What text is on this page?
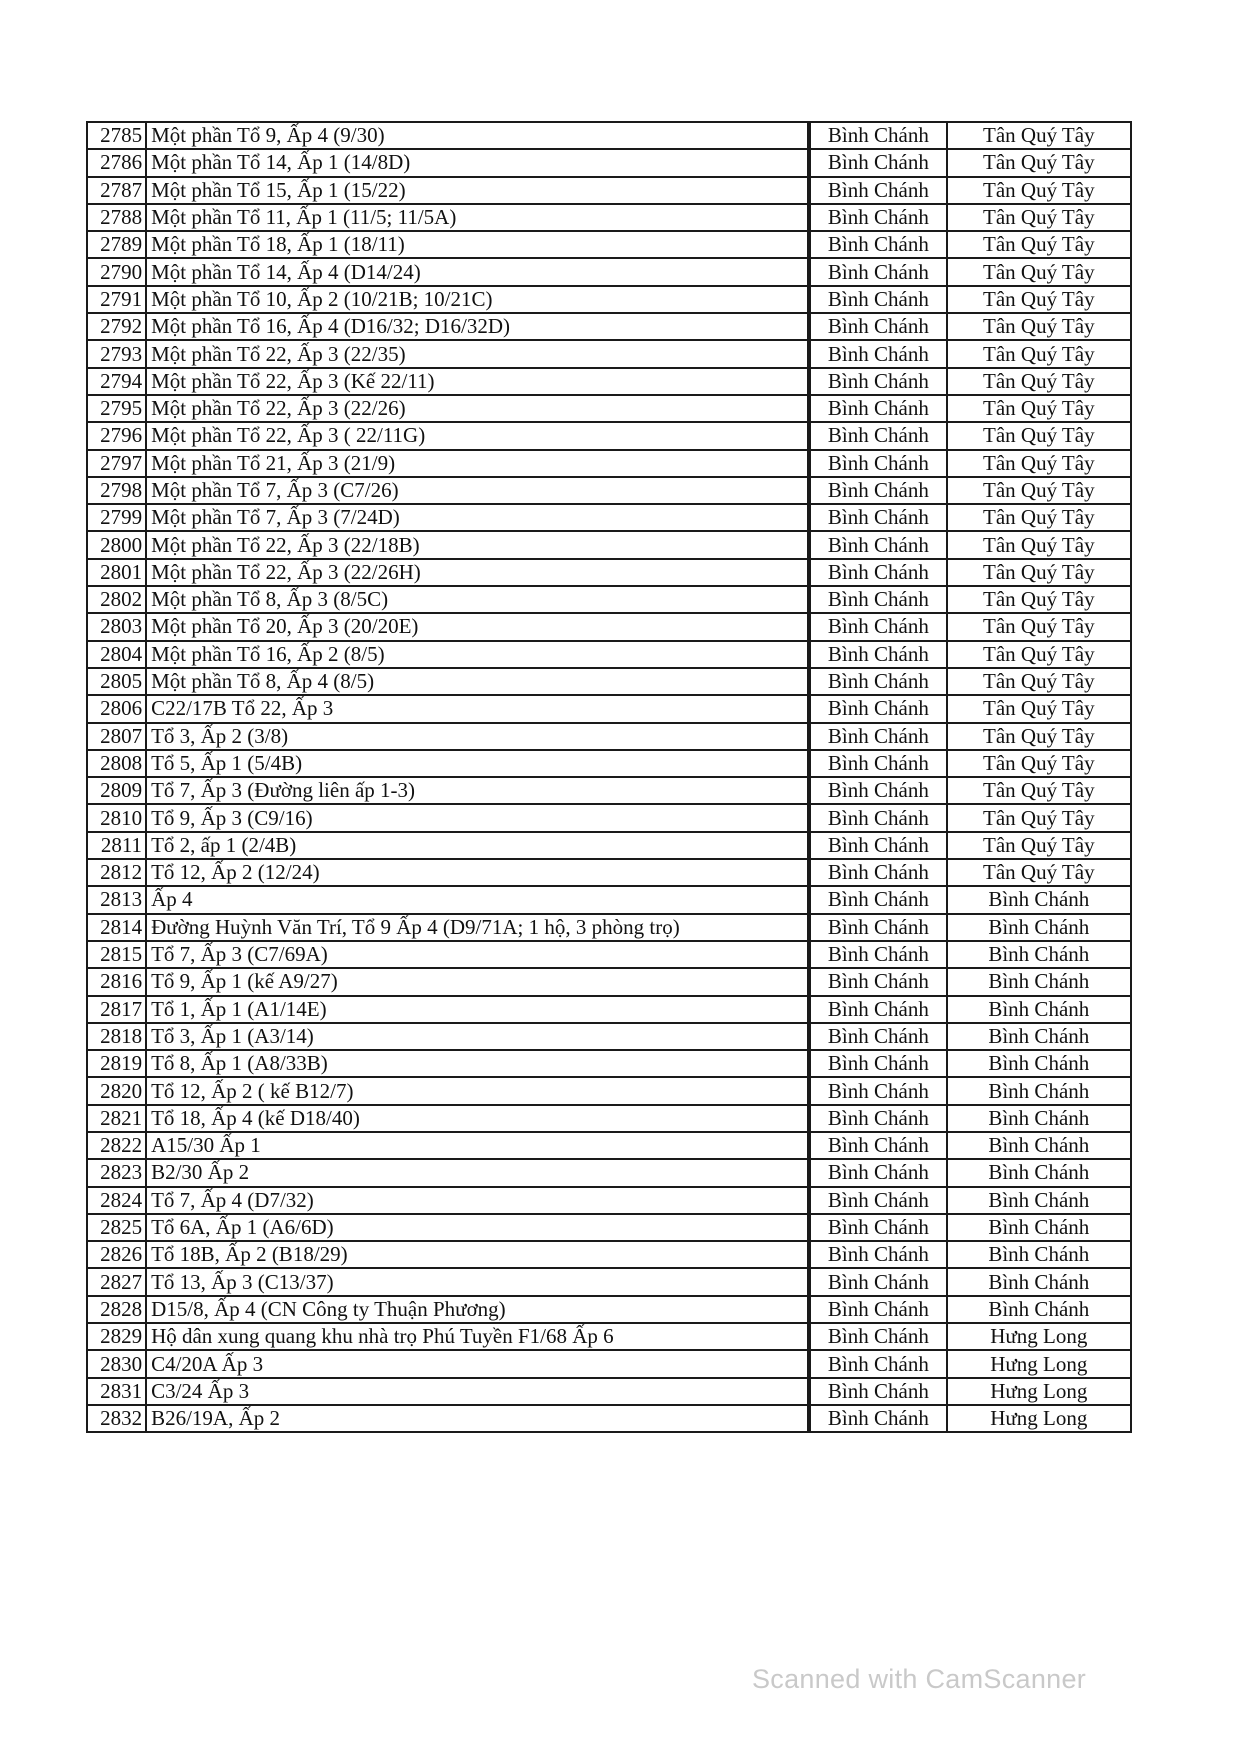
2785	Một phần Tổ 9, Ấp 4 (9/30)		Bình Chánh	Tân Quý Tây
2786	Một phần Tổ 14, Ấp 1 (14/8D)		Bình Chánh	Tân Quý Tây
2787	Một phần Tổ 15, Ấp 1 (15/22)		Bình Chánh	Tân Quý Tây
2788	Một phần Tổ 11, Ấp 1 (11/5; 11/5A)		Bình Chánh	Tân Quý Tây
2789	Một phần Tổ 18, Ấp 1 (18/11)		Bình Chánh	Tân Quý Tây
2790	Một phần Tổ 14, Ấp 4 (D14/24)		Bình Chánh	Tân Quý Tây
2791	Một phần Tổ 10, Ấp 2 (10/21B; 10/21C)		Bình Chánh	Tân Quý Tây
2792	Một phần Tổ 16, Ấp 4 (D16/32; D16/32D)		Bình Chánh	Tân Quý Tây
2793	Một phần Tổ 22, Ấp 3 (22/35)		Bình Chánh	Tân Quý Tây
2794	Một phần Tổ 22, Ấp 3 (Kế 22/11)		Bình Chánh	Tân Quý Tây
2795	Một phần Tổ 22, Ấp 3 (22/26)		Bình Chánh	Tân Quý Tây
2796	Một phần Tổ 22, Ấp 3 ( 22/11G)		Bình Chánh	Tân Quý Tây
2797	Một phần Tổ 21, Ấp 3 (21/9)		Bình Chánh	Tân Quý Tây
2798	Một phần Tổ 7, Ấp 3 (C7/26)		Bình Chánh	Tân Quý Tây
2799	Một phần Tổ 7, Ấp 3 (7/24D)		Bình Chánh	Tân Quý Tây
2800	Một phần Tổ 22, Ấp 3 (22/18B)		Bình Chánh	Tân Quý Tây
2801	Một phần Tổ 22, Ấp 3 (22/26H)		Bình Chánh	Tân Quý Tây
2802	Một phần Tổ 8, Ấp 3 (8/5C)		Bình Chánh	Tân Quý Tây
2803	Một phần Tổ 20, Ấp 3 (20/20E)		Bình Chánh	Tân Quý Tây
2804	Một phần Tổ 16, Ấp 2 (8/5)		Bình Chánh	Tân Quý Tây
2805	Một phần Tổ 8, Ấp 4 (8/5)		Bình Chánh	Tân Quý Tây
2806	C22/17B Tổ 22, Ấp 3		Bình Chánh	Tân Quý Tây
2807	Tổ 3, Ấp 2 (3/8)		Bình Chánh	Tân Quý Tây
2808	Tổ 5, Ấp 1 (5/4B)		Bình Chánh	Tân Quý Tây
2809	Tổ 7, Ấp 3 (Đường liên ấp 1-3)		Bình Chánh	Tân Quý Tây
2810	Tổ 9, Ấp 3 (C9/16)		Bình Chánh	Tân Quý Tây
2811	Tổ 2, ấp 1 (2/4B)		Bình Chánh	Tân Quý Tây
2812	Tổ 12, Ấp 2 (12/24)		Bình Chánh	Tân Quý Tây
2813	Ấp 4		Bình Chánh	Bình Chánh
2814	Đường Huỳnh Văn Trí, Tổ 9 Ấp 4 (D9/71A; 1 hộ, 3 phòng trọ)		Bình Chánh	Bình Chánh
2815	Tổ 7, Ấp 3 (C7/69A)		Bình Chánh	Bình Chánh
2816	Tổ 9, Ấp 1 (kế A9/27)		Bình Chánh	Bình Chánh
2817	Tổ 1, Ấp 1 (A1/14E)		Bình Chánh	Bình Chánh
2818	Tổ 3, Ấp 1 (A3/14)		Bình Chánh	Bình Chánh
2819	Tổ 8, Ấp 1 (A8/33B)		Bình Chánh	Bình Chánh
2820	Tổ 12, Ấp 2 ( kế B12/7)		Bình Chánh	Bình Chánh
2821	Tổ 18, Ấp 4 (kế D18/40)		Bình Chánh	Bình Chánh
2822	A15/30 Ấp 1		Bình Chánh	Bình Chánh
2823	B2/30 Ấp 2		Bình Chánh	Bình Chánh
2824	Tổ 7, Ấp 4 (D7/32)		Bình Chánh	Bình Chánh
2825	Tổ 6A, Ấp 1 (A6/6D)		Bình Chánh	Bình Chánh
2826	Tổ 18B, Ấp 2 (B18/29)		Bình Chánh	Bình Chánh
2827	Tổ 13, Ấp 3 (C13/37)		Bình Chánh	Bình Chánh
2828	D15/8, Ấp 4 (CN Công ty Thuận Phương)		Bình Chánh	Bình Chánh
2829	Hộ dân xung quang khu nhà trọ Phú Tuyền F1/68 Ấp 6		Bình Chánh	Hưng Long
2830	C4/20A Ấp 3		Bình Chánh	Hưng Long
2831	C3/24 Ấp 3		Bình Chánh	Hưng Long
2832	B26/19A, Ấp 2		Bình Chánh	Hưng Long
Scanned with CamScanner
